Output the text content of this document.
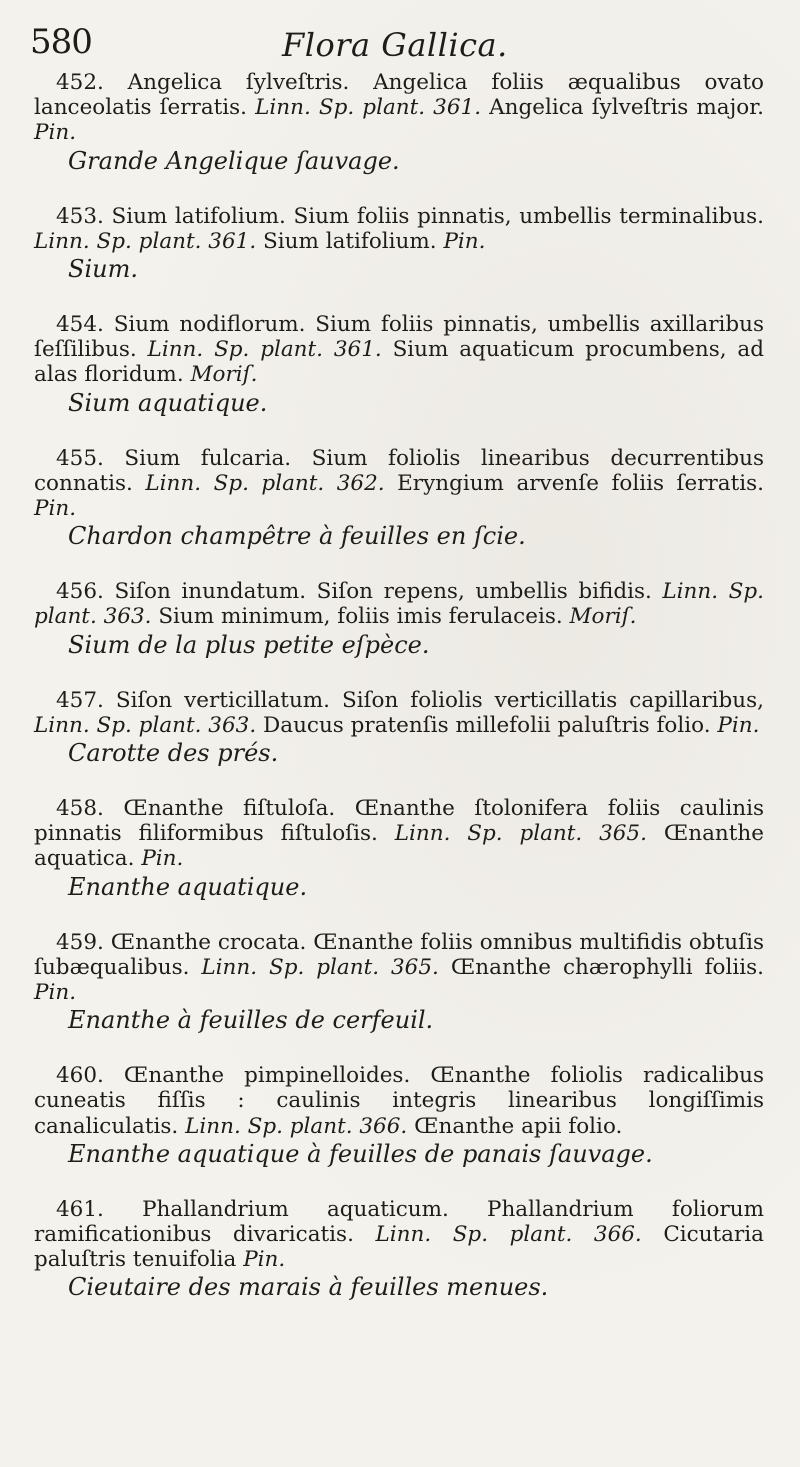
580	Flora Gallica.

452. Angelica ſylveſtris. Angelica foliis æqualibus ovato lanceolatis ſerratis. Linn. Sp. plant. 361. Angelica ſylveſtris major. Pin.

Grande Angelique ſauvage.

453. Sium latifolium. Sium foliis pinnatis, umbellis terminalibus. Linn. Sp. plant. 361. Sium latifolium. Pin.

Sium.

454. Sium nodiflorum. Sium foliis pinnatis, umbellis axillaribus ſeſſilibus. Linn. Sp. plant. 361. Sium aquaticum procumbens, ad alas floridum. Moriſ.

Sium aquatique.

455. Sium fulcaria. Sium foliolis linearibus decurrentibus connatis. Linn. Sp. plant. 362. Eryngium arvenſe foliis ſerratis. Pin.

Chardon champêtre à feuilles en ſcie.

456. Siſon inundatum. Siſon repens, umbellis bifidis. Linn. Sp. plant. 363. Sium minimum, foliis imis ferulaceis. Moriſ.

Sium de la plus petite eſpèce.

457. Siſon verticillatum. Siſon foliolis verticillatis capillaribus, Linn. Sp. plant. 363. Daucus pratenſis millefolii paluſtris folio. Pin.

Carotte des prés.

458. Œnanthe fiſtuloſa. Œnanthe ſtolonifera foliis caulinis pinnatis filiformibus fiſtuloſis. Linn. Sp. plant. 365. Œnanthe aquatica. Pin.

Enanthe aquatique.

459. Œnanthe crocata. Œnanthe foliis omnibus multifidis obtuſis ſubæqualibus. Linn. Sp. plant. 365. Œnanthe chærophylli foliis. Pin.

Enanthe à feuilles de cerfeuil.

460. Œnanthe pimpinelloides. Œnanthe foliolis radicalibus cuneatis fiſſis : caulinis integris linearibus longiſſimis canaliculatis. Linn. Sp. plant. 366. Œnanthe apii folio.

Enanthe aquatique à feuilles de panais ſauvage.

461. Phallandrium aquaticum. Phallandrium foliorum ramificationibus divaricatis. Linn. Sp. plant. 366. Cicutaria paluſtris tenuifolia Pin.

Cieutaire des marais à feuilles menues.
